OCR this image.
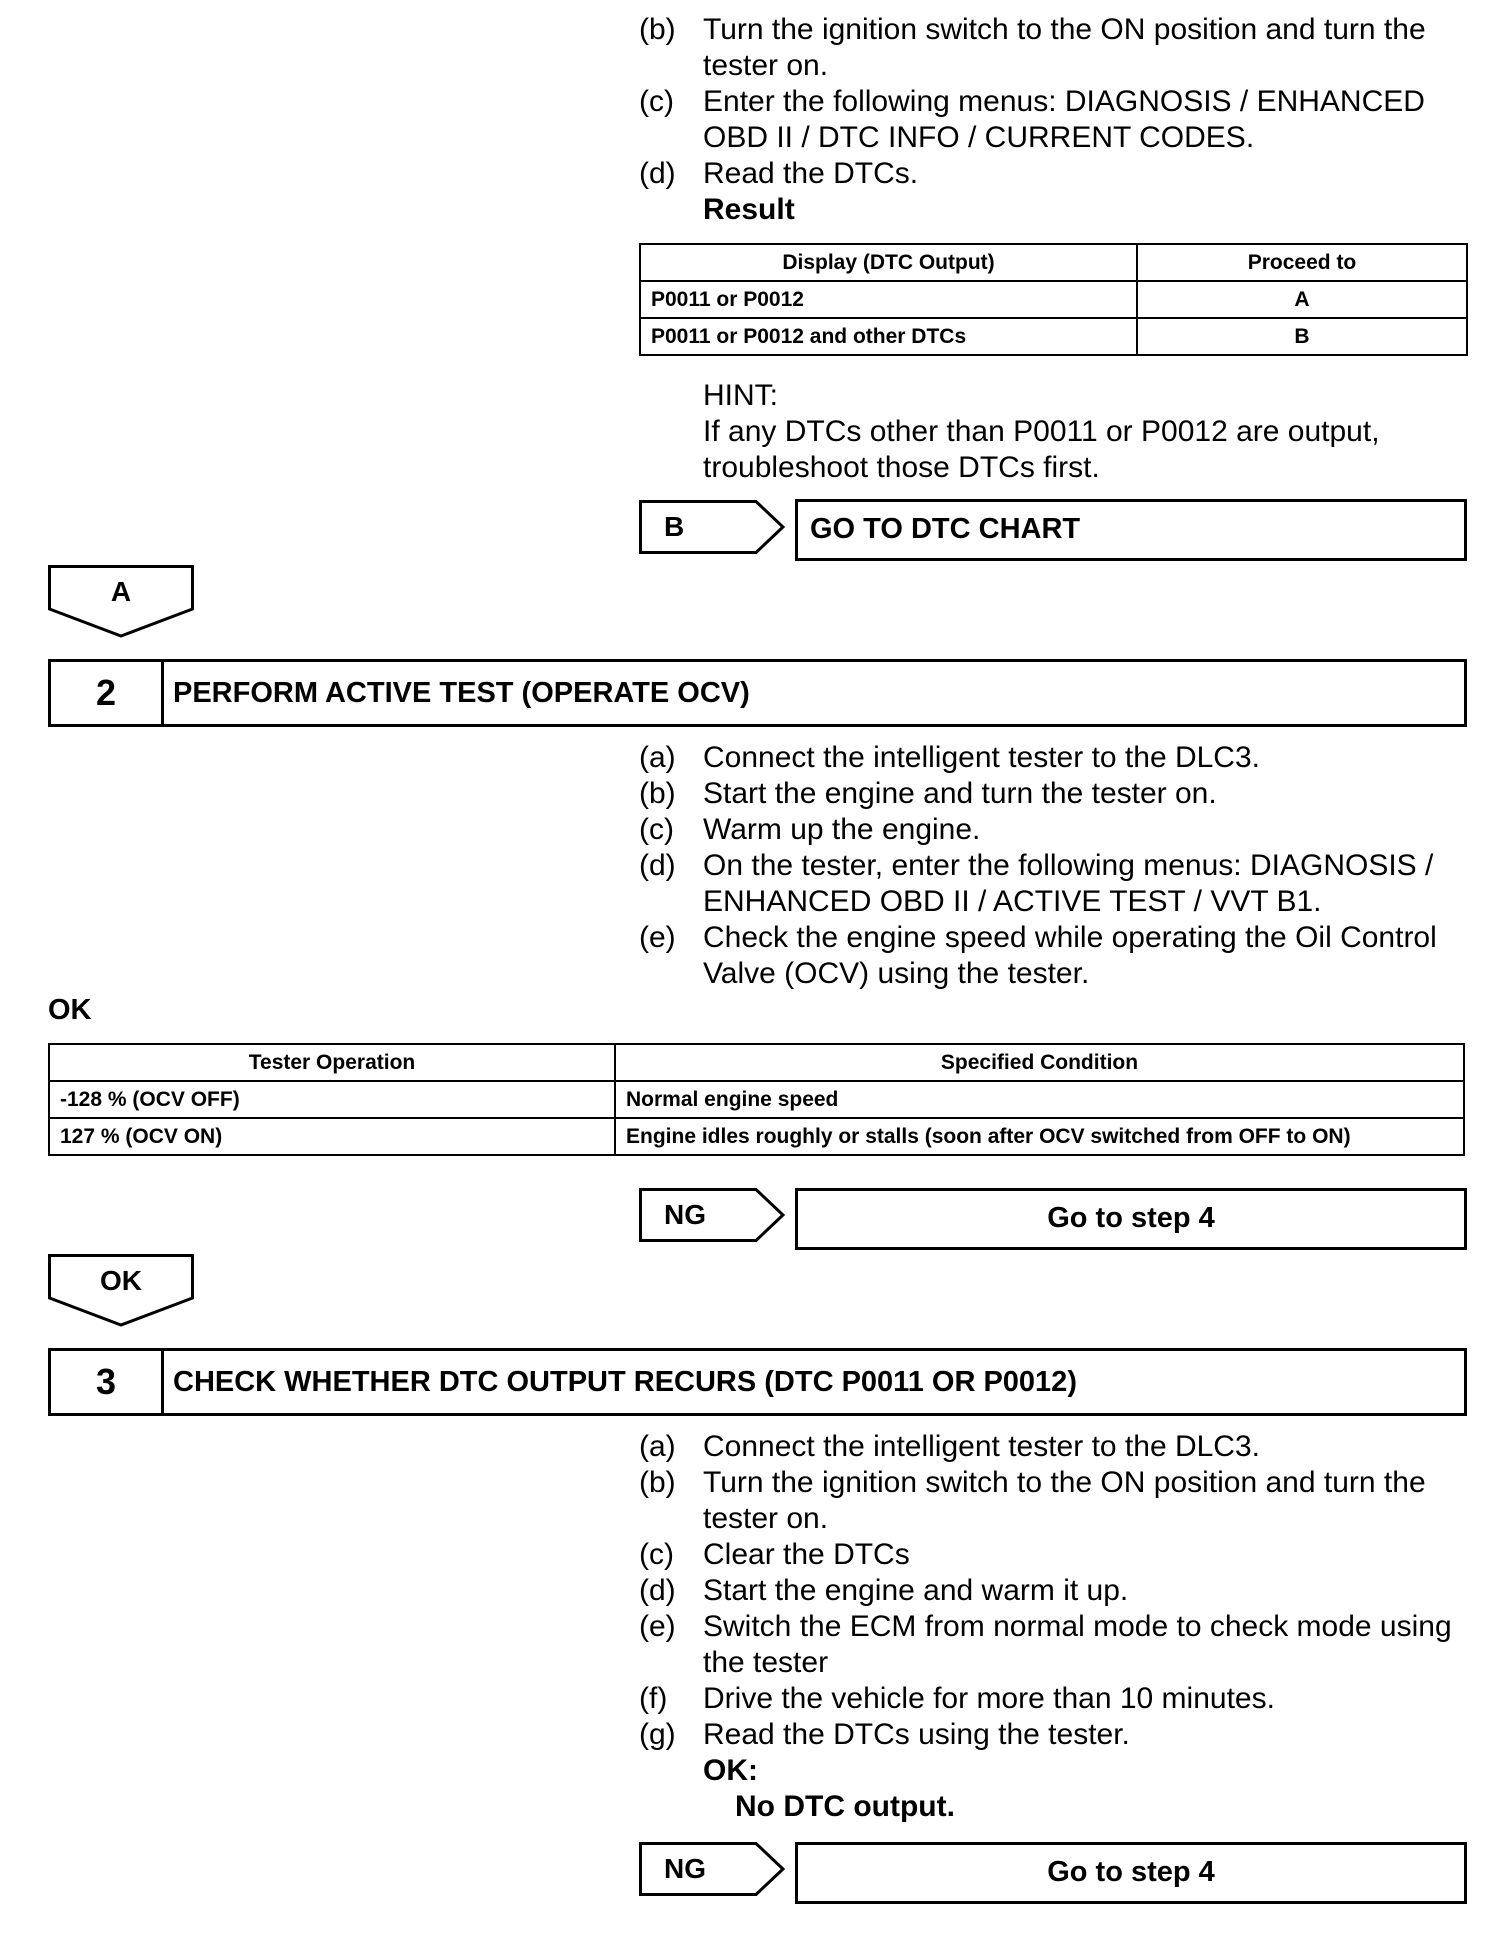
(b) Turn the ignition switch to the ON position and turn the
tester on.
(c) Enter the following menus: DIAGNOSIS / ENHANCED
OBD II / DTC INFO / CURRENT CODES.
(d) Read the DTCs.
Result
Display (DTC Output)	Proceed to
P0011 or P0012	A
P0011 or P0012 and other DTCs	B
HINT:
If any DTCs other than P0011 or P0012 are output,
troubleshoot those DTCs first.
B	GO TO DTC CHART
A
2	PERFORM ACTIVE TEST (OPERATE OCV)
(a) Connect the intelligent tester to the DLC3.
(b) Start the engine and turn the tester on.
(c) Warm up the engine.
(d) On the tester, enter the following menus: DIAGNOSIS /
ENHANCED OBD II / ACTIVE TEST / VVT B1.
(e) Check the engine speed while operating the Oil Control
Valve (OCV) using the tester.
OK
Tester Operation	Specified Condition
-128 % (OCV OFF)	Normal engine speed
127 % (OCV ON)	Engine idles roughly or stalls (soon after OCV switched from OFF to ON)
NG	Go to step 4
OK
3	CHECK WHETHER DTC OUTPUT RECURS (DTC P0011 OR P0012)
(a) Connect the intelligent tester to the DLC3.
(b) Turn the ignition switch to the ON position and turn the
tester on.
(c) Clear the DTCs
(d) Start the engine and warm it up.
(e) Switch the ECM from normal mode to check mode using
the tester
(f) Drive the vehicle for more than 10 minutes.
(g) Read the DTCs using the tester.
OK:
No DTC output.
NG	Go to step 4
